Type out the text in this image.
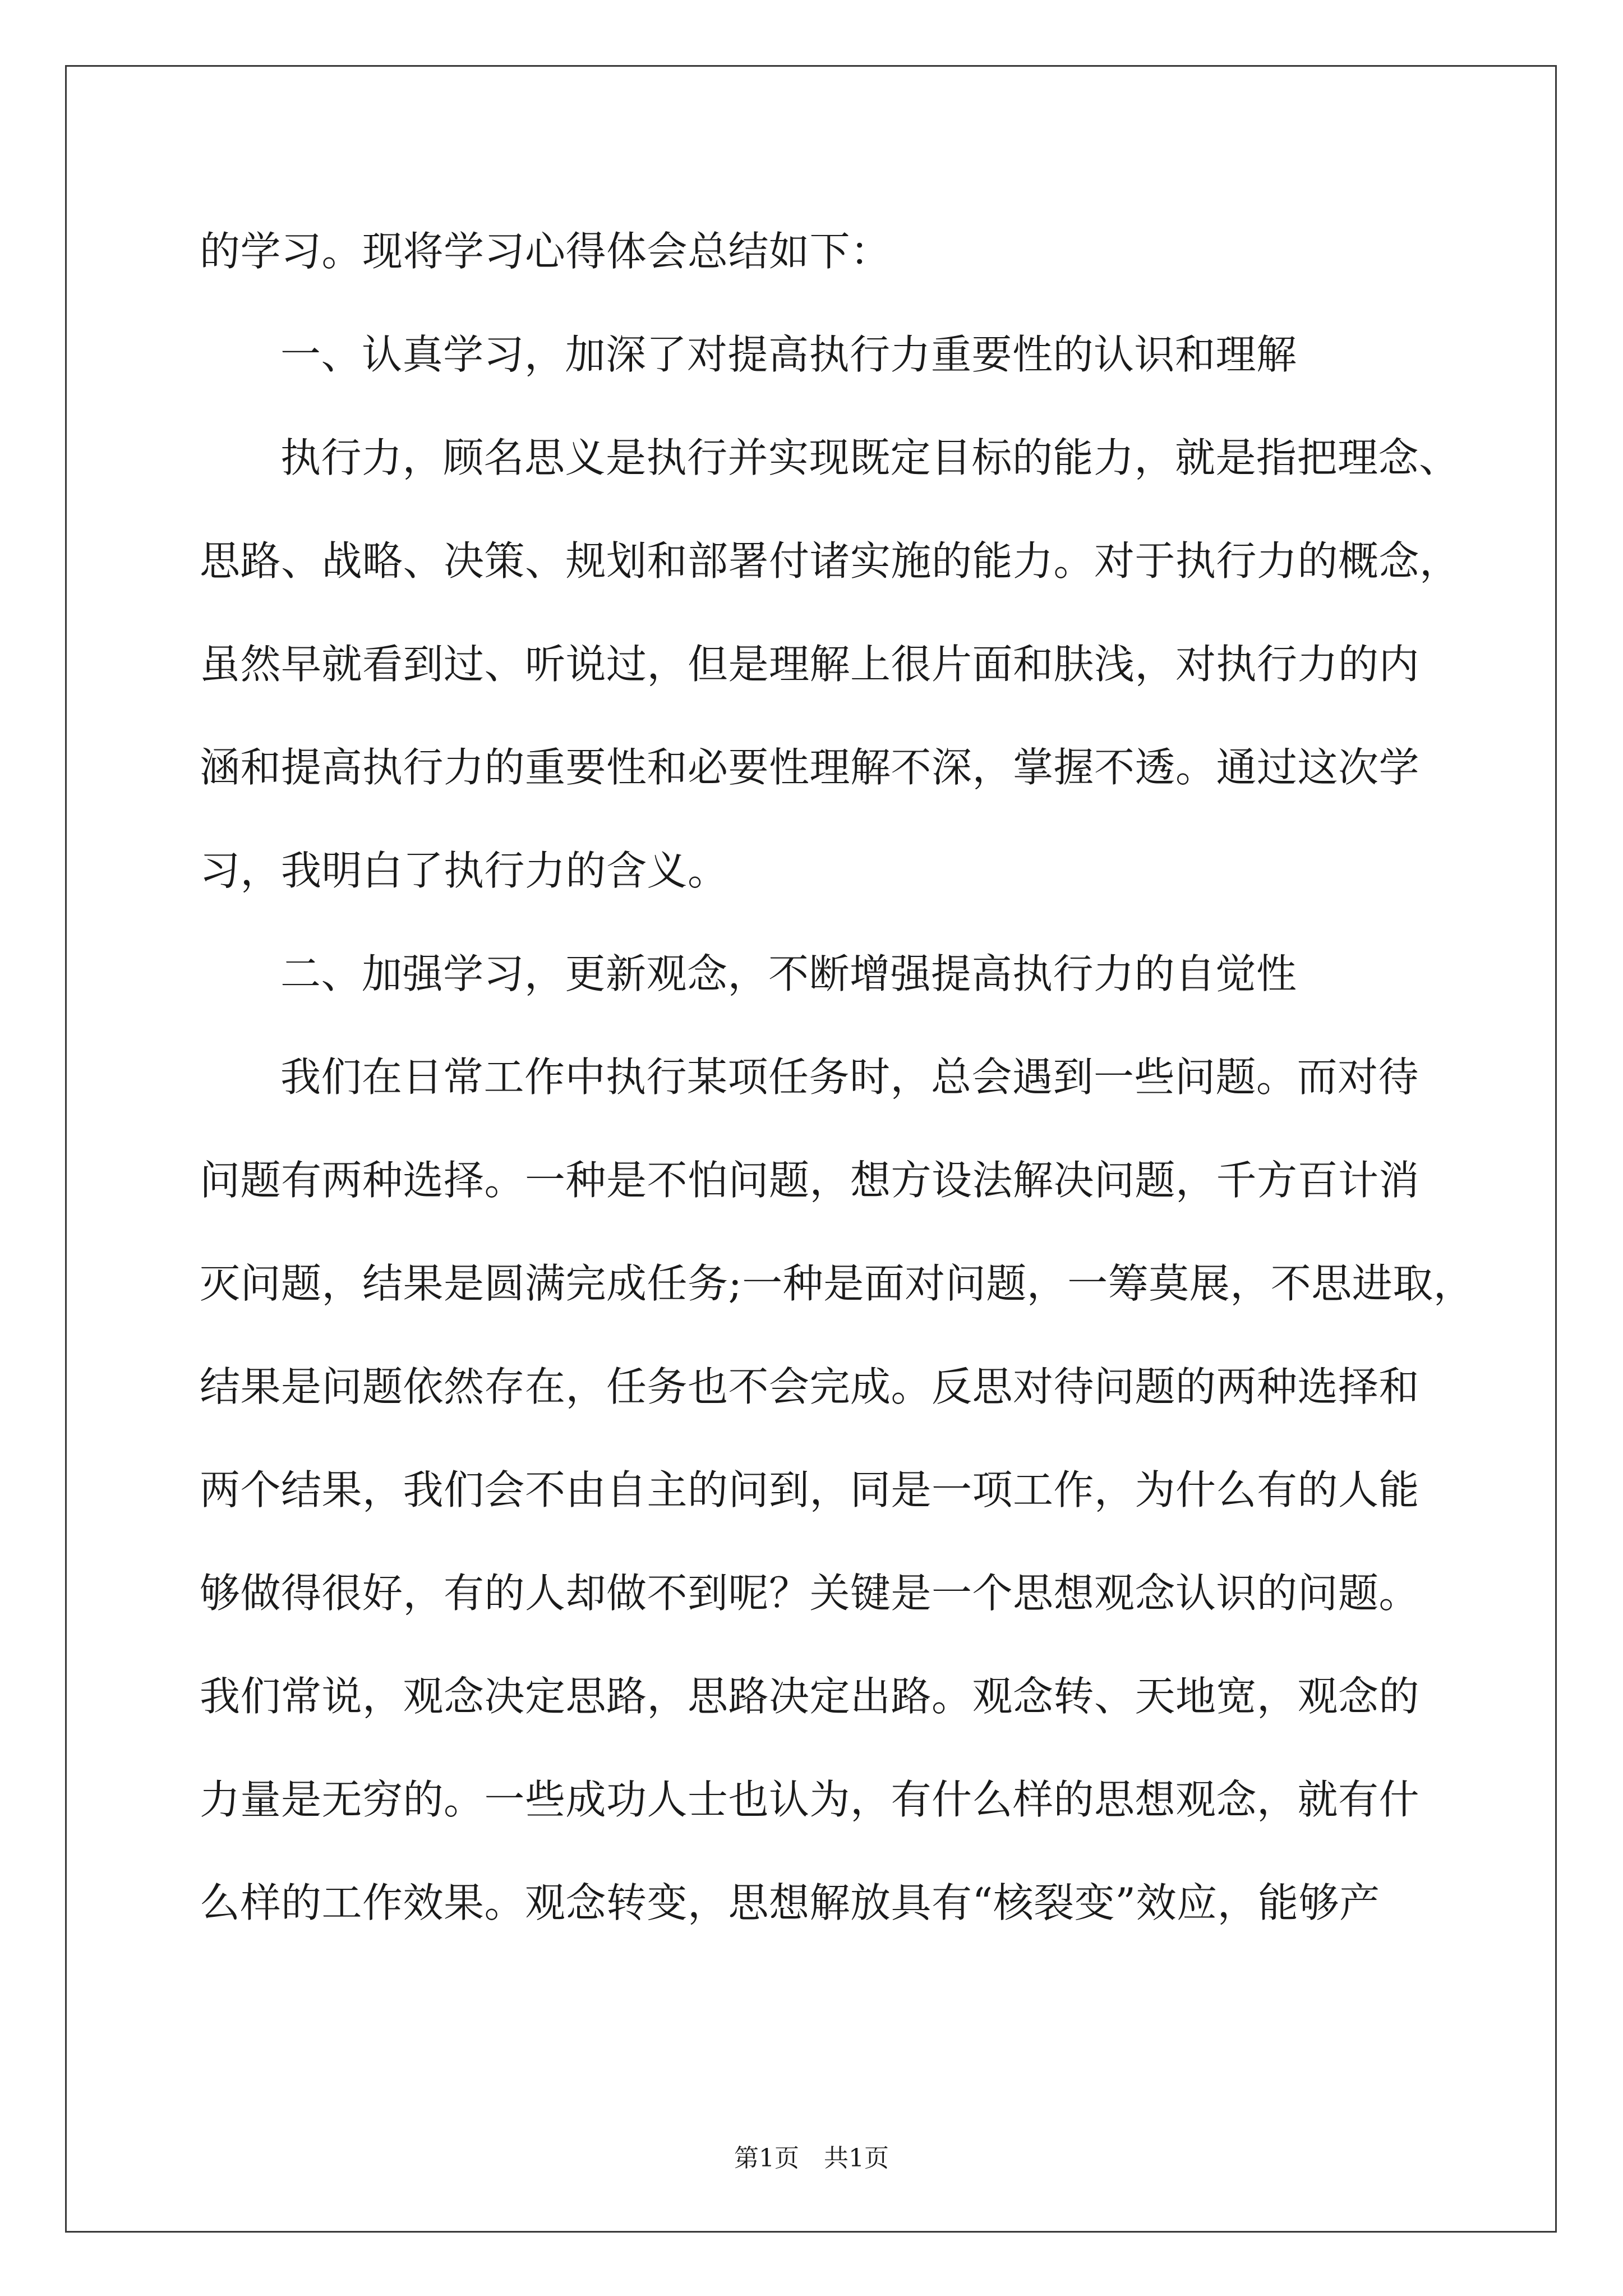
的学习。现将学习心得体会总结如下：
一、认真学习，加深了对提高执行力重要性的认识和理解
执行力，顾名思义是执行并实现既定目标的能力，就是指把理念、
思路、战略、决策、规划和部署付诸实施的能力。对于执行力的概念，
虽然早就看到过、听说过，但是理解上很片面和肤浅，对执行力的内
涵和提高执行力的重要性和必要性理解不深，掌握不透。通过这次学
习，我明白了执行力的含义。
二、加强学习，更新观念，不断增强提高执行力的自觉性
我们在日常工作中执行某项任务时，总会遇到一些问题。而对待
问题有两种选择。一种是不怕问题，想方设法解决问题，千方百计消
灭问题，结果是圆满完成任务;一种是面对问题，一筹莫展，不思进取，
结果是问题依然存在，任务也不会完成。反思对待问题的两种选择和
两个结果，我们会不由自主的问到，同是一项工作，为什么有的人能
够做得很好，有的人却做不到呢？关键是一个思想观念认识的问题。
我们常说，观念决定思路，思路决定出路。观念转、天地宽，观念的
力量是无穷的。一些成功人士也认为，有什么样的思想观念，就有什
么样的工作效果。观念转变，思想解放具有“核裂变”效应，能够产
第1页　共1页
